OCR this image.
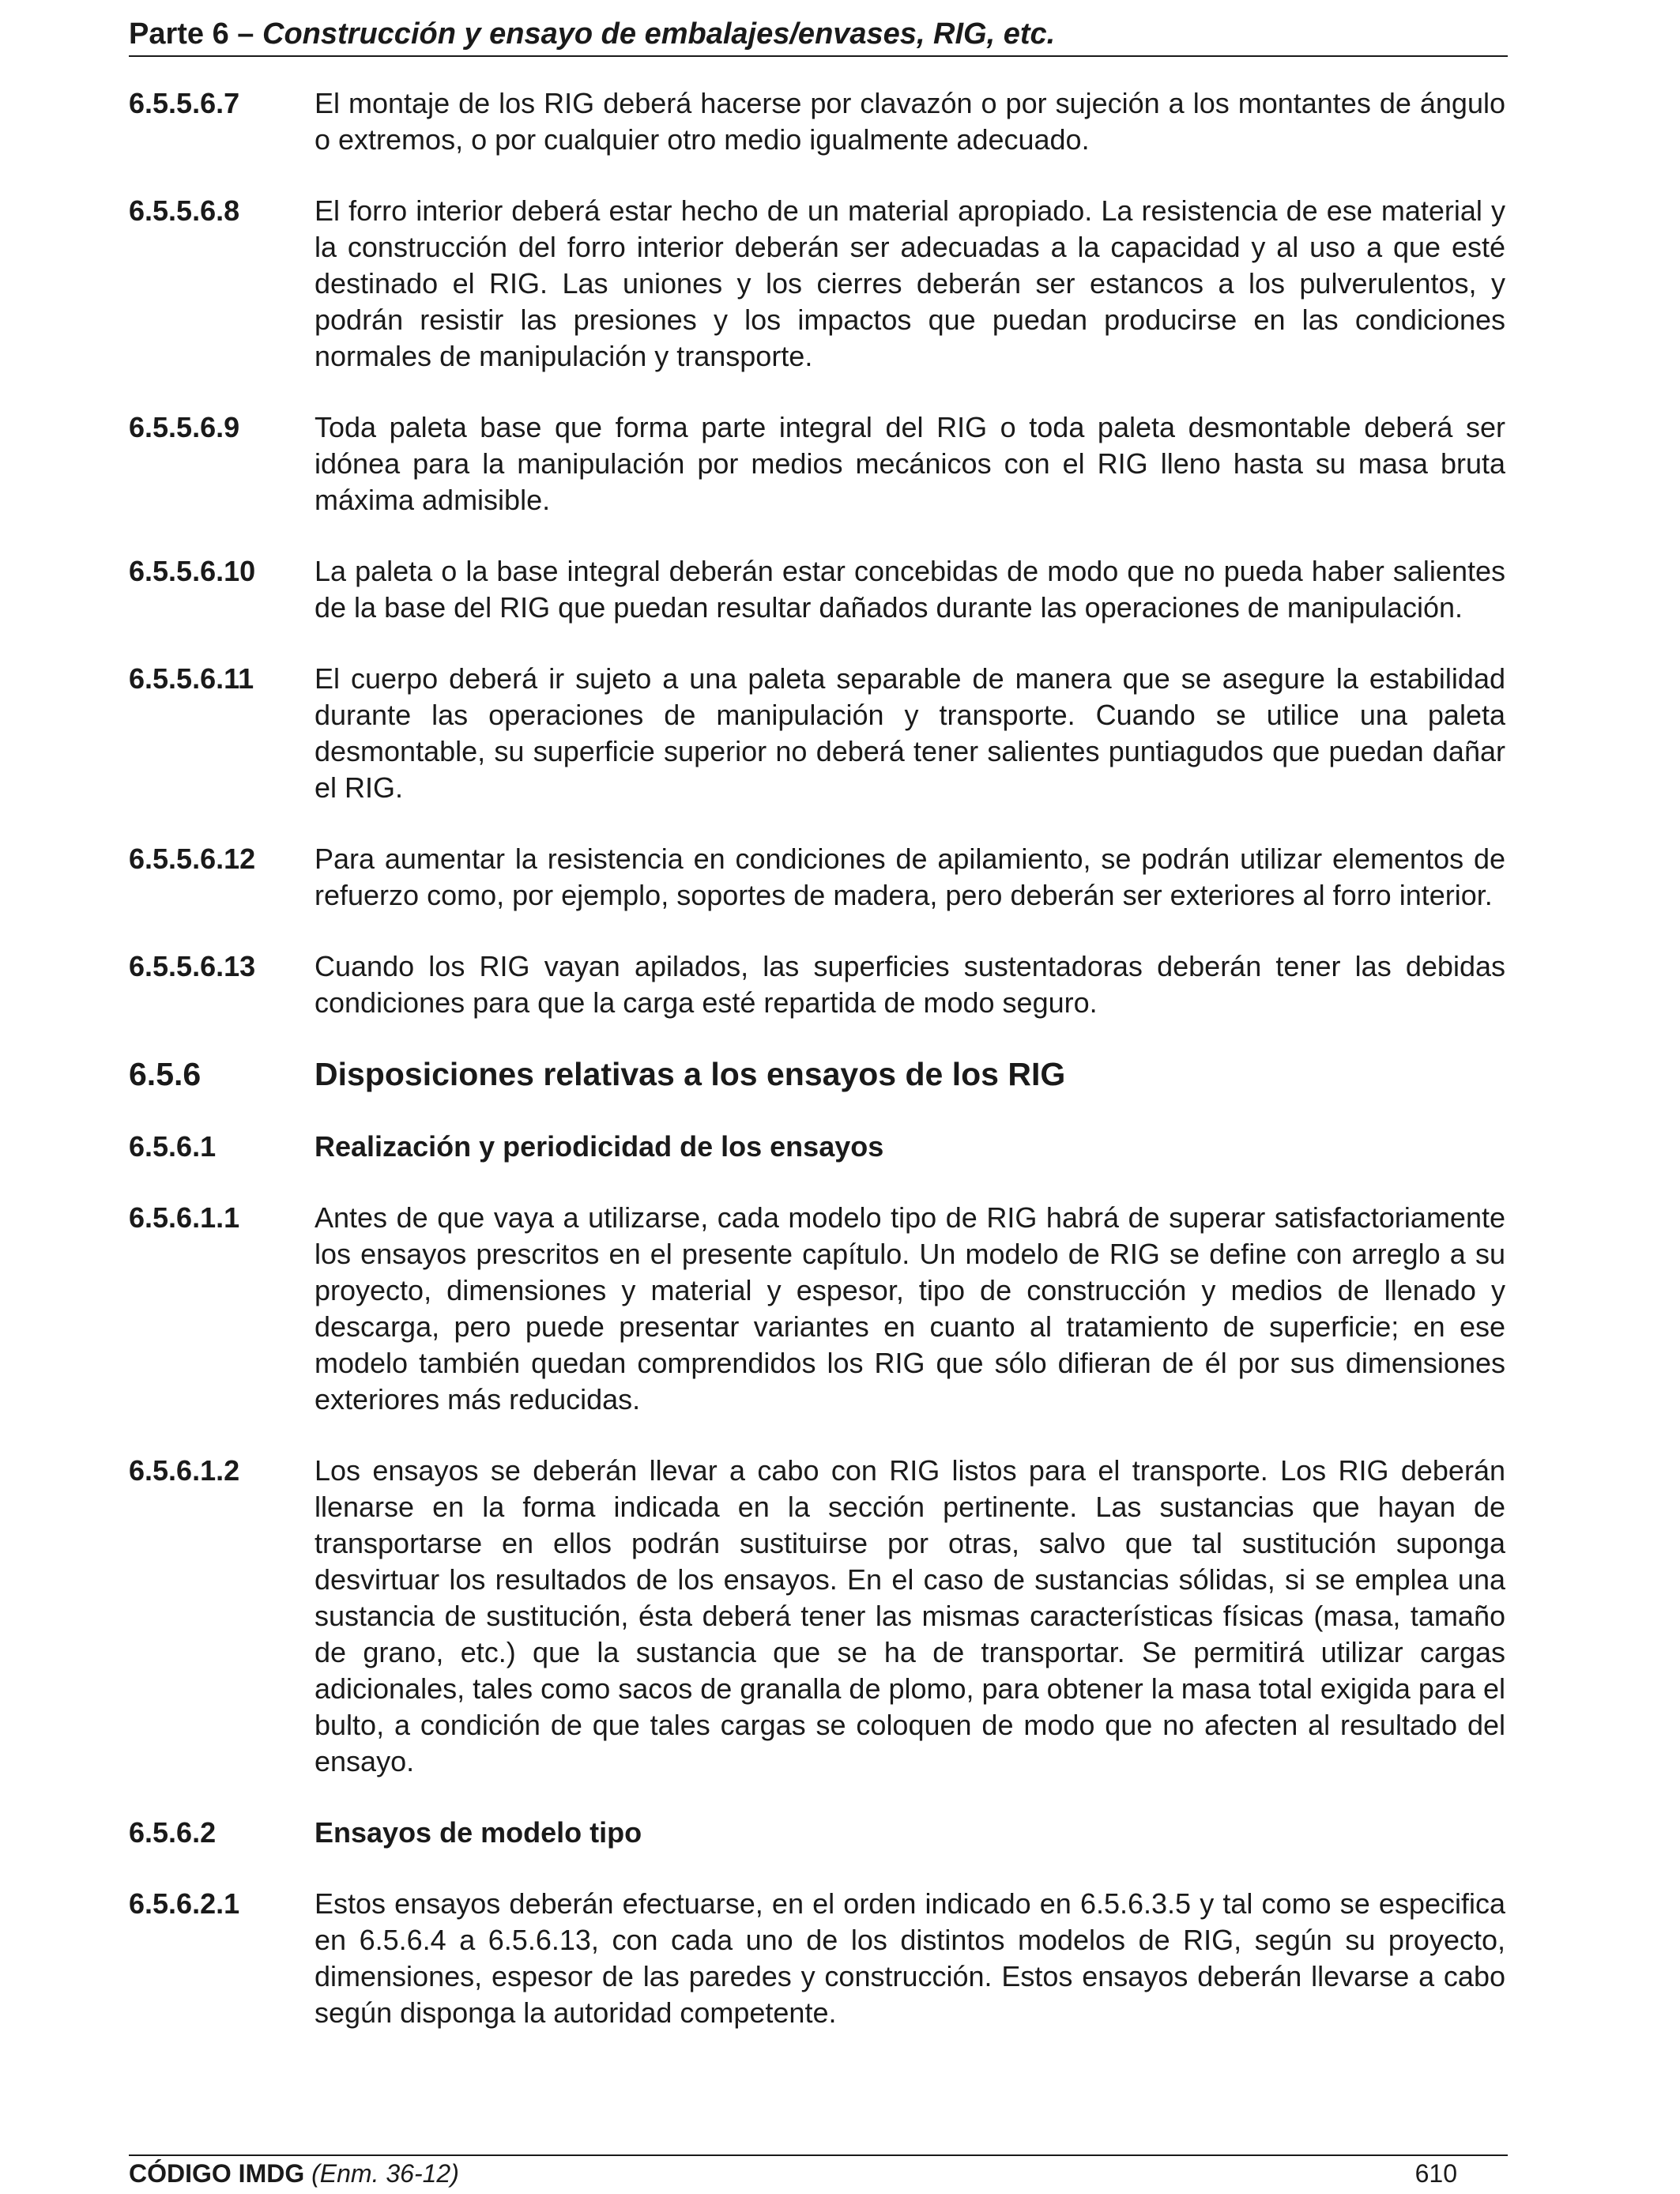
Parte 6 – Construcción y ensayo de embalajes/envases, RIG, etc.
6.5.5.6.7	El montaje de los RIG deberá hacerse por clavazón o por sujeción a los montantes de ángulo o extremos, o por cualquier otro medio igualmente adecuado.
6.5.5.6.8	El forro interior deberá estar hecho de un material apropiado. La resistencia de ese material y la construcción del forro interior deberán ser adecuadas a la capacidad y al uso a que esté destinado el RIG. Las uniones y los cierres deberán ser estancos a los pulverulentos, y podrán resistir las presiones y los impactos que puedan producirse en las condiciones normales de manipulación y transporte.
6.5.5.6.9	Toda paleta base que forma parte integral del RIG o toda paleta desmontable deberá ser idónea para la manipulación por medios mecánicos con el RIG lleno hasta su masa bruta máxima admisible.
6.5.5.6.10	La paleta o la base integral deberán estar concebidas de modo que no pueda haber salientes de la base del RIG que puedan resultar dañados durante las operaciones de manipulación.
6.5.5.6.11	El cuerpo deberá ir sujeto a una paleta separable de manera que se asegure la estabilidad durante las operaciones de manipulación y transporte. Cuando se utilice una paleta desmontable, su superficie superior no deberá tener salientes puntiagudos que puedan dañar el RIG.
6.5.5.6.12	Para aumentar la resistencia en condiciones de apilamiento, se podrán utilizar elementos de refuerzo como, por ejemplo, soportes de madera, pero deberán ser exteriores al forro interior.
6.5.5.6.13	Cuando los RIG vayan apilados, las superficies sustentadoras deberán tener las debidas condiciones para que la carga esté repartida de modo seguro.
6.5.6	Disposiciones relativas a los ensayos de los RIG
6.5.6.1	Realización y periodicidad de los ensayos
6.5.6.1.1	Antes de que vaya a utilizarse, cada modelo tipo de RIG habrá de superar satisfactoriamente los ensayos prescritos en el presente capítulo. Un modelo de RIG se define con arreglo a su proyecto, dimensiones y material y espesor, tipo de construcción y medios de llenado y descarga, pero puede presentar variantes en cuanto al tratamiento de superficie; en ese modelo también quedan comprendidos los RIG que sólo difieran de él por sus dimensiones exteriores más reducidas.
6.5.6.1.2	Los ensayos se deberán llevar a cabo con RIG listos para el transporte. Los RIG deberán llenarse en la forma indicada en la sección pertinente. Las sustancias que hayan de transportarse en ellos podrán sustituirse por otras, salvo que tal sustitución suponga desvirtuar los resultados de los ensayos. En el caso de sustancias sólidas, si se emplea una sustancia de sustitución, ésta deberá tener las mismas características físicas (masa, tamaño de grano, etc.) que la sustancia que se ha de transportar. Se permitirá utilizar cargas adicionales, tales como sacos de granalla de plomo, para obtener la masa total exigida para el bulto, a condición de que tales cargas se coloquen de modo que no afecten al resultado del ensayo.
6.5.6.2	Ensayos de modelo tipo
6.5.6.2.1	Estos ensayos deberán efectuarse, en el orden indicado en 6.5.6.3.5 y tal como se especifica en 6.5.6.4 a 6.5.6.13, con cada uno de los distintos modelos de RIG, según su proyecto, dimensiones, espesor de las paredes y construcción. Estos ensayos deberán llevarse a cabo según disponga la autoridad competente.
CÓDIGO IMDG (Enm. 36-12)	610
